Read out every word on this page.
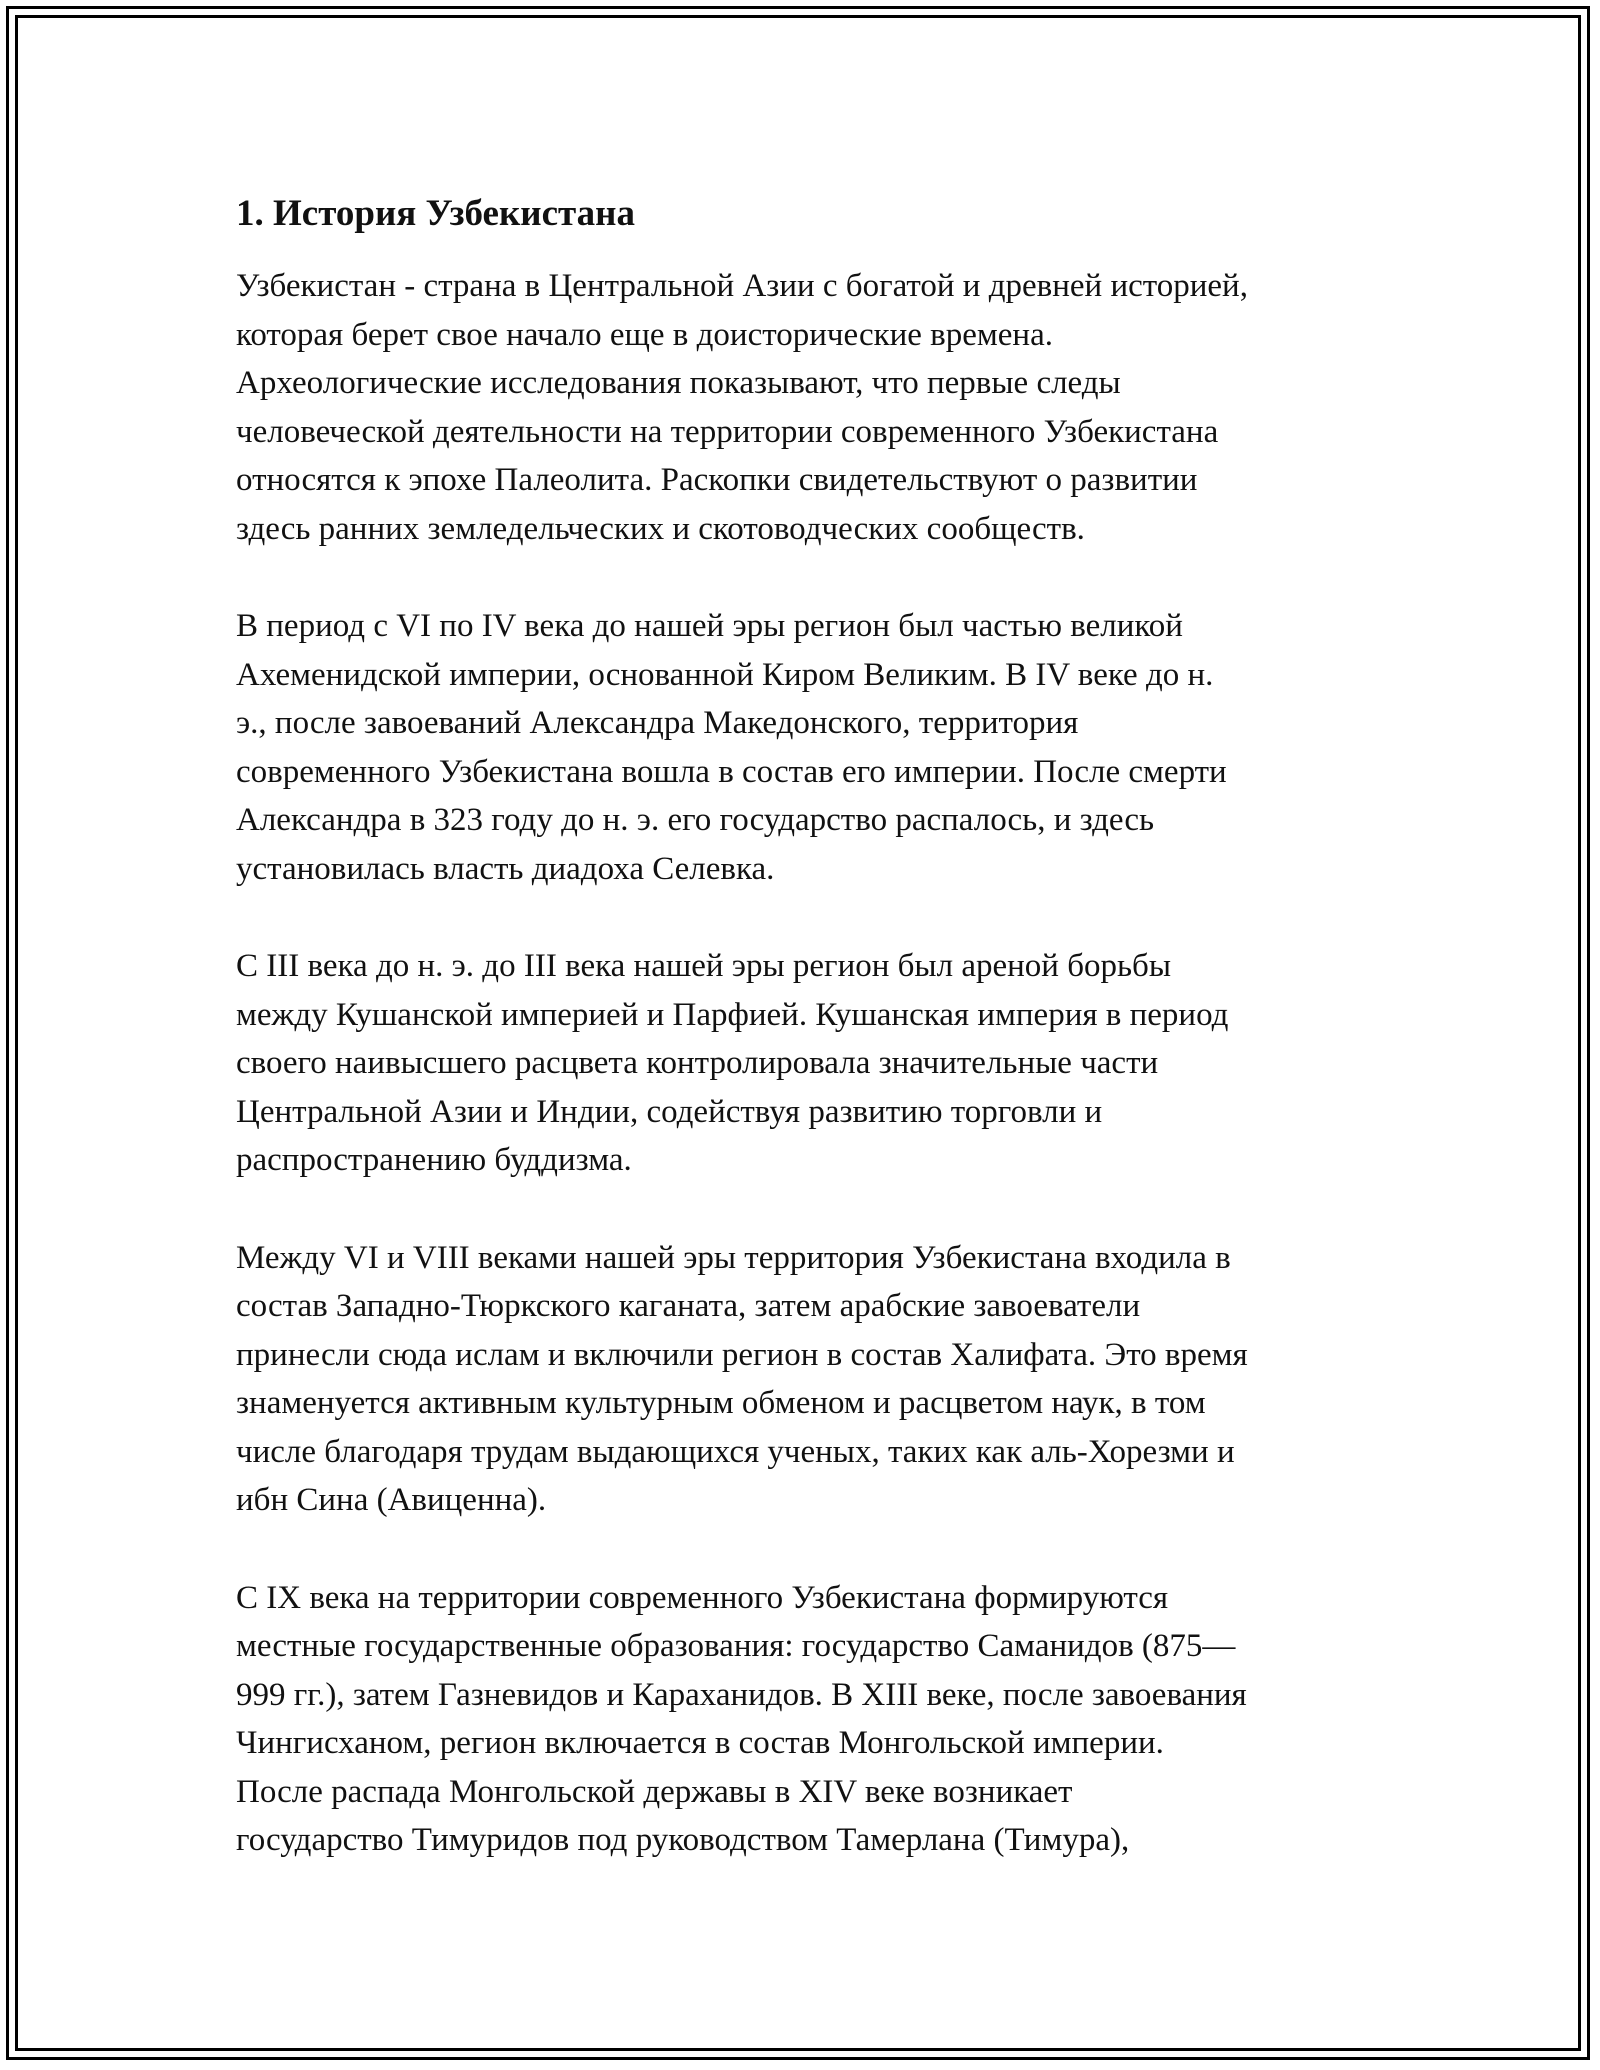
1. История Узбекистана
Узбекистан - страна в Центральной Азии с богатой и древней историей,
которая берет свое начало еще в доисторические времена.
Археологические исследования показывают, что первые следы
человеческой деятельности на территории современного Узбекистана
относятся к эпохе Палеолита. Раскопки свидетельствуют о развитии
здесь ранних земледельческих и скотоводческих сообществ.
В период с VI по IV века до нашей эры регион был частью великой
Ахеменидской империи, основанной Киром Великим. В IV веке до н.
э., после завоеваний Александра Македонского, территория
современного Узбекистана вошла в состав его империи. После смерти
Александра в 323 году до н. э. его государство распалось, и здесь
установилась власть диадоха Селевка.
С III века до н. э. до III века нашей эры регион был ареной борьбы
между Кушанской империей и Парфией. Кушанская империя в период
своего наивысшего расцвета контролировала значительные части
Центральной Азии и Индии, содействуя развитию торговли и
распространению буддизма.
Между VI и VIII веками нашей эры территория Узбекистана входила в
состав Западно-Тюркского каганата, затем арабские завоеватели
принесли сюда ислам и включили регион в состав Халифата. Это время
знаменуется активным культурным обменом и расцветом наук, в том
числе благодаря трудам выдающихся ученых, таких как аль-Хорезми и
ибн Сина (Авиценна).
С IX века на территории современного Узбекистана формируются
местные государственные образования: государство Саманидов (875—
999 гг.), затем Газневидов и Караханидов. В XIII веке, после завоевания
Чингисханом, регион включается в состав Монгольской империи.
После распада Монгольской державы в XIV веке возникает
государство Тимуридов под руководством Тамерлана (Тимура),
